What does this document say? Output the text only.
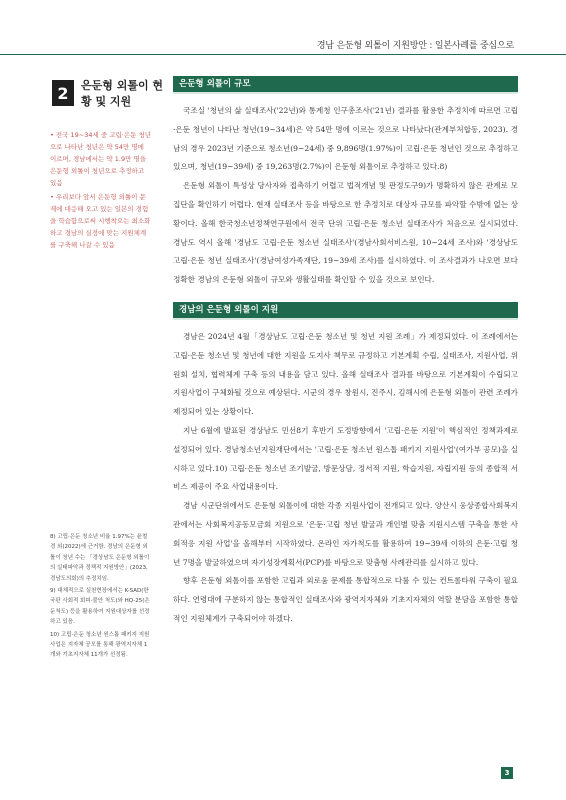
경남 은둔형 외톨이 지원방안 : 일본사례를 중심으로
2	은둔형 외톨이 현황 및 지원
• 전국 19~34세 중 고립·은둔 청년으로 나타난 청년은 약 54만 명에 이르며, 경남에서는 약 1.9만 명을 은둔형 외톨이 청년으로 추정하고 있음
• 우리보다 앞서 은둔형 외톨이 문제에 대응해 오고 있는 일본의 경험을 학습함으로써 시행착오는 최소화하고 경남의 실정에 맞는 지원체계를 구축해 나갈 수 있음
8) 고립·은둔 청소년 비율 1.97%는 윤철경 외(2022)에 근거함. 경남의 은둔형 외톨이 청년 수는 「경상남도 은둔형 외톨이의 실태파악과 정책적 지원방안」(2023, 경남도의회)의 추정치임.
9) 대체적으로 실천현장에서는 K-SAD(한국판 사회적 회피·불안 척도)와 HQ-25(은둔척도) 등을 활용하여 지원대상자를 선정하고 있음.
10) 고립·은둔 청소년 원스톱 패키지 지원사업은 지자체 공모를 통해 광역지자체 1개와 기초지자체 11개가 선정됨.
은둔형 외톨이 규모

국조실 '청년의 삶 실태조사('22년)와 통계청 인구총조사('21년) 결과를 활용한 추정치에 따르면 고립·은둔 청년이 나타난 청년(19~34세)은 약 54만 명에 이르는 것으로 나타났다(관계부처합동, 2023). 경남의 경우 2023년 기준으로 청소년(9~24세) 중 9,896명(1.97%)이 고립·은둔 청년인 것으로 추정하고 있으며, 청년(19~39세) 중 19,263명(2.7%)이 은둔형 외톨이로 추정하고 있다.8)

은둔형 외톨이 특성상 당사자와 접촉하기 어렵고 법적개념 및 판정도구9)가 명확하지 않은 관계로 모집단을 확인하기 어렵다. 현재 실태조사 등을 바탕으로 한 추정치로 대상자 규모를 파악할 수밖에 없는 상황이다. 올해 한국청소년정책연구원에서 전국 단위 고립·은둔 청소년 실태조사가 처음으로 실시되었다. 경남도 역시 올해 '경남도 고립·은둔 청소년 실태조사'(경남사회서비스원, 10~24세 조사)와 '경상남도 고립·은둔 청년 실태조사'(경남여성가족재단, 19~39세 조사)를 실시하였다. 이 조사결과가 나오면 보다 정확한 경남의 은둔형 외톨이 규모와 생활실태를 확인할 수 있을 것으로 보인다.

경남의 은둔형 외톨이 지원

경남은 2024년 4월「경상남도 고립·은둔 청소년 및 청년 지원 조례」가 제정되었다. 이 조례에서는 고립·은둔 청소년 및 청년에 대한 지원을 도지사 책무로 규정하고 기본계획 수립, 실태조사, 지원사업, 위원회 설치, 협력체계 구축 등의 내용을 담고 있다. 올해 실태조사 결과를 바탕으로 기본계획이 수립되고 지원사업이 구체화될 것으로 예상된다. 시군의 경우 창원시, 진주시, 김해시에 은둔형 외톨이 관련 조례가 제정되어 있는 상황이다.

지난 6월에 발표된 경상남도 민선8기 후반기 도정방향에서 '고립·은둔 지원'이 핵심적인 정책과제로 설정되어 있다. 경남청소년지원재단에서는 '고립·은둔 청소년 원스톱 패키지 지원사업'(여가부 공모)을 실시하고 있다.10) 고립·은둔 청소년 조기발굴, 방문상담, 정서적 지원, 학습지원, 자립지원 등의 종합적 서비스 제공이 주요 사업내용이다.

경남 시군단위에서도 은둔형 외톨이에 대한 각종 지원사업이 전개되고 있다. 양산시 웅상종합사회복지관에서는 사회복지공동모금회 지원으로 '은둔·고립 청년 발굴과 개인별 맞춤 지원시스템 구축을 통한 사회적응 지원 사업'을 올해부터 시작하였다. 온라인 자가척도를 활용하여 19~39세 이하의 은둔·고립 청년 7명을 발굴하였으며 자기성장계획서(PCP)를 바탕으로 맞춤형 사례관리를 실시하고 있다.

향후 은둔형 외톨이를 포함한 고립과 외로움 문제를 통합적으로 다룰 수 있는 컨트롤타워 구축이 필요하다. 연령대에 구분하지 않는 통합적인 실태조사와 광역지자체와 기초지자체의 역할 분담을 포함한 통합적인 지원체계가 구축되어야 하겠다.

3
